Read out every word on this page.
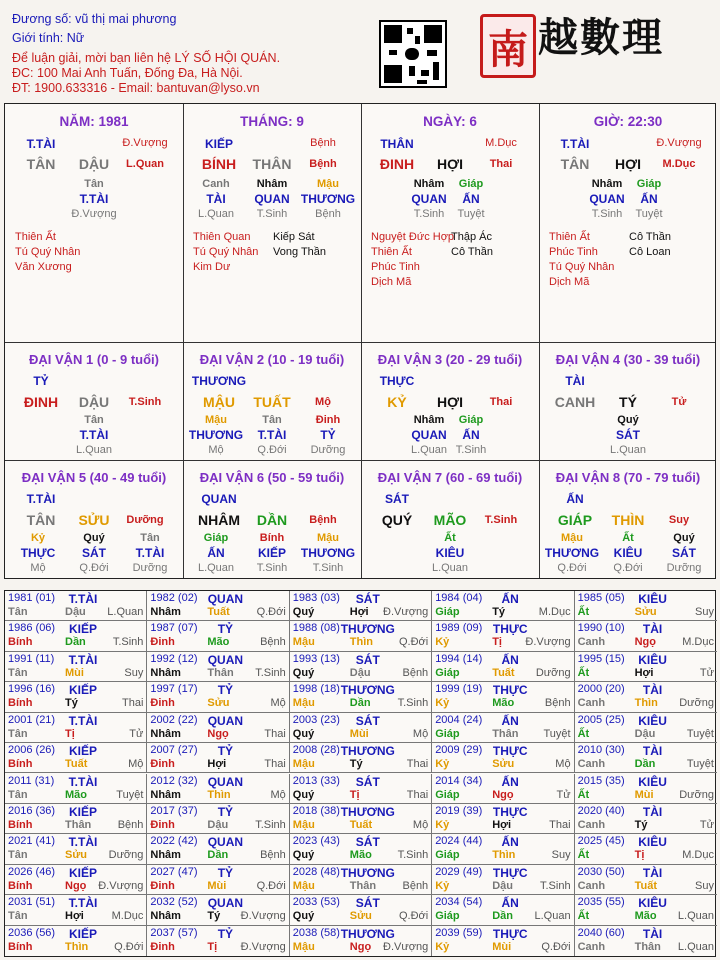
Đương số: vũ thị mai phương
Giới tính: Nữ
Để luận giải, mời bạn liên hệ LÝ SỐ HỘI QUÁN.
ĐC: 100 Mai Anh Tuấn, Đống Đa, Hà Nội.
ĐT: 1900.633316 - Email: bantuvan@lyso.vn
南 越數理
NĂM: 1981
T.TÀI	Đ.Vượng
TÂN DẬU L.Quan
Tân
T.TÀI
Đ.Vượng
Thiên Ất
Tú Quý Nhân
Văn Xương
THÁNG: 9
KIẾP	Bệnh
BÍNH THÂN Bệnh
Canh
TÀI
L.Quan
Nhâm
QUAN
T.Sinh
Mậu
THƯƠNG
Bệnh
Thiên Quan Kiếp Sát
Tú Quý Nhân Vong Thần
Kim Dư
NGÀY: 6
THÂN	M.Dục
ĐINH HỢI Thai
Nhâm
QUAN
T.Sinh
Giáp
ẤN
Tuyệt
Nguyệt Đức Hợp
Thập Ác
Thiên Ất	Cô Thần
Phúc Tinh
Dịch Mã
GIỜ: 22:30
T.TÀI	Đ.Vượng
TÂN HỢI M.Dục
Nhâm
QUAN
T.Sinh
Giáp
ẤN
Tuyệt
Thiên Ất	Cô Thần
Phúc Tinh	Cô Loan
Tú Quý Nhân
Dịch Mã
ĐẠI VẬN 1 (0 - 9 tuổi)
TỶ
ĐINH DẬU T.Sinh
Tân
T.TÀI
L.Quan
ĐẠI VẬN 2 (10 - 19 tuổi)
THƯƠNG
MẬU TUẤT Mộ
Mậu
THƯƠNG
Mộ
Tân
T.TÀI
Q.Đới
Đinh
TỶ
Dưỡng
ĐẠI VẬN 3 (20 - 29 tuổi)
THỰC
KỶ HỢI Thai
Nhâm
QUAN
L.Quan
Giáp
ẤN
T.Sinh
ĐẠI VẬN 4 (30 - 39 tuổi)
TÀI
CANH TÝ	Tử
Quý
SÁT
L.Quan
ĐẠI VẬN 5 (40 - 49 tuổi)
T.TÀI
TÂN SỬU Dưỡng
Kỷ
THỰC
Mộ
Quý
SÁT
Q.Đới
Tân
T.TÀI
Dưỡng
ĐẠI VẬN 6 (50 - 59 tuổi)
QUAN
NHÂM DẦN Bệnh
Giáp
ẤN
L.Quan
Bính
KIẾP
T.Sinh
Mậu
THƯƠNG
T.Sinh
ĐẠI VẬN 7 (60 - 69 tuổi)
SÁT
QUÝ MÃO T.Sinh
Ất
KIÊU
L.Quan
ĐẠI VẬN 8 (70 - 79 tuổi)
ẤN
GIÁP THÌN Suy
Mậu
THƯƠNG
Q.Đới
Ất
KIÊU
Q.Đới
Quý
SÁT
Dưỡng
1981 (01) T.TÀI
Tân	Dậu L.Quan
1982 (02) QUAN
Nhâm Tuất Q.Đới
1983 (03) SÁT
Quý	Hợi Đ.Vượng
1984 (04) ẤN
Giáp	Tý	M.Dục
1985 (05) KIÊU
Ất	Sửu	Suy
1986 (06) KIẾP
Bính	Dần T.Sinh
1987 (07) TỶ
Đinh	Mão	Bệnh
1988 (08) THƯƠNG
Mậu	Thìn Q.Đới
1989 (09) THỰC
Kỷ	Tị Đ.Vượng
1990 (10) TÀI
Canh	Ngọ M.Dục
1991 (11) T.TÀI
Tân	Mùi	Suy
1992 (12) QUAN
Nhâm Thân T.Sinh
1993 (13) SÁT
Quý	Dậu	Bệnh
1994 (14) ẤN
Giáp	Tuất Dưỡng
1995 (15) KIÊU
Ất	Hợi	Tử
1996 (16) KIẾP
Bính	Tý	Thai
1997 (17) TỶ
Đinh	Sửu	Mộ
1998 (18) THƯƠNG
Mậu	Dần T.Sinh
1999 (19) THỰC
Kỷ	Mão	Bệnh
2000 (20) TÀI
Canh	Thìn Dưỡng
2001 (21) T.TÀI
Tân	Tị	Tử
2002 (22) QUAN
Nhâm Ngọ	Thai
2003 (23) SÁT
Quý	Mùi	Mộ
2004 (24) ẤN
Giáp	Thân Tuyệt
2005 (25) KIÊU
Ất	Dậu	Tuyệt
2006 (26) KIẾP
Bính	Tuất	Mộ
2007 (27) TỶ
Đinh	Hợi	Thai
2008 (28) THƯƠNG
Mậu	Tý	Thai
2009 (29) THỰC
Kỷ	Sửu	Mộ
2010 (30) TÀI
Canh	Dần	Tuyệt
2011 (31) T.TÀI
Tân	Mão	Tuyệt
2012 (32) QUAN
Nhâm Thìn	Mộ
2013 (33) SÁT
Quý	Tị	Thai
2014 (34) ẤN
Giáp	Ngọ	Tử
2015 (35) KIÊU
Ất	Mùi Dưỡng
2016 (36) KIẾP
Bính	Thân Bệnh
2017 (37) TỶ
Đinh	Dậu T.Sinh
2018 (38) THƯƠNG
Mậu	Tuất	Mộ
2019 (39) THỰC
Kỷ	Hợi	Thai
2020 (40) TÀI
Canh	Tý	Tử
2021 (41) T.TÀI
Tân	Sửu Dưỡng
2022 (42) QUAN
Nhâm Dần	Bệnh
2023 (43) SÁT
Quý	Mão T.Sinh
2024 (44) ẤN
Giáp	Thìn	Suy
2025 (45) KIÊU
Ất	Tị	M.Dục
2026 (46) KIẾP
Bính	Ngọ Đ.Vượng
2027 (47) TỶ
Đinh	Mùi	Q.Đới
2028 (48) THƯƠNG
Mậu	Thân Bệnh
2029 (49) THỰC
Kỷ	Dậu T.Sinh
2030 (50) TÀI
Canh	Tuất	Suy
2031 (51) T.TÀI
Tân	Hợi	M.Dục
2032 (52) QUAN
Nhâm Tý Đ.Vượng
2033 (53) SÁT
Quý	Sửu Q.Đới
2034 (54) ẤN
Giáp	Dần L.Quan
2035 (55) KIÊU
Ất	Mão L.Quan
2036 (56) KIẾP
Bính	Thìn Q.Đới
2037 (57) TỶ
Đinh	Tị Đ.Vượng
2038 (58) THƯƠNG
Mậu	Ngọ Đ.Vượng
2039 (59) THỰC
Kỷ	Mùi	Q.Đới
2040 (60) TÀI
Canh	Thân L.Quan
